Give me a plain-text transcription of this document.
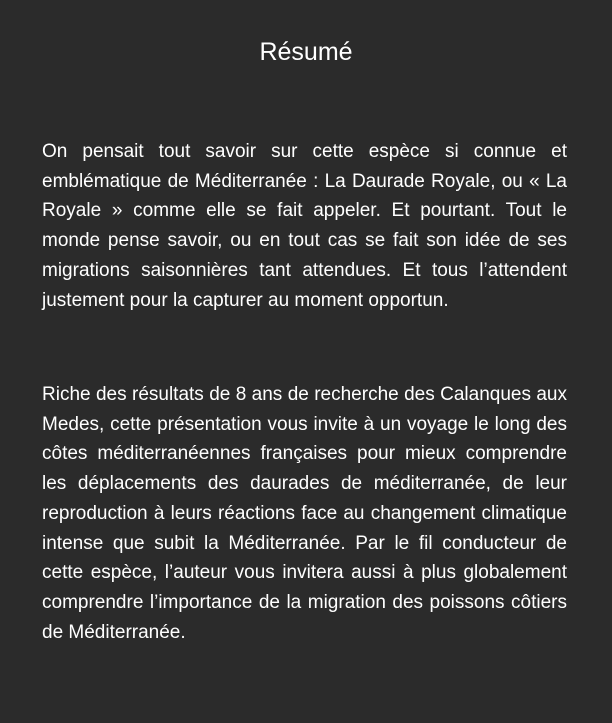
Résumé

On pensait tout savoir sur cette espèce si connue et emblématique de Méditerranée : La Daurade Royale, ou « La Royale » comme elle se fait appeler. Et pourtant. Tout le monde pense savoir, ou en tout cas se fait son idée de ses migrations saisonnières tant attendues. Et tous l’attendent justement pour la capturer au moment opportun.

Riche des résultats de 8 ans de recherche des Calanques aux Medes, cette présentation vous invite à un voyage le long des côtes méditerranéennes françaises pour mieux comprendre les déplacements des daurades de méditerranée, de leur reproduction à leurs réactions face au changement climatique intense que subit la Méditerranée. Par le fil conducteur de cette espèce, l’auteur vous invitera aussi à plus globalement comprendre l’importance de la migration des poissons côtiers de Méditerranée.
